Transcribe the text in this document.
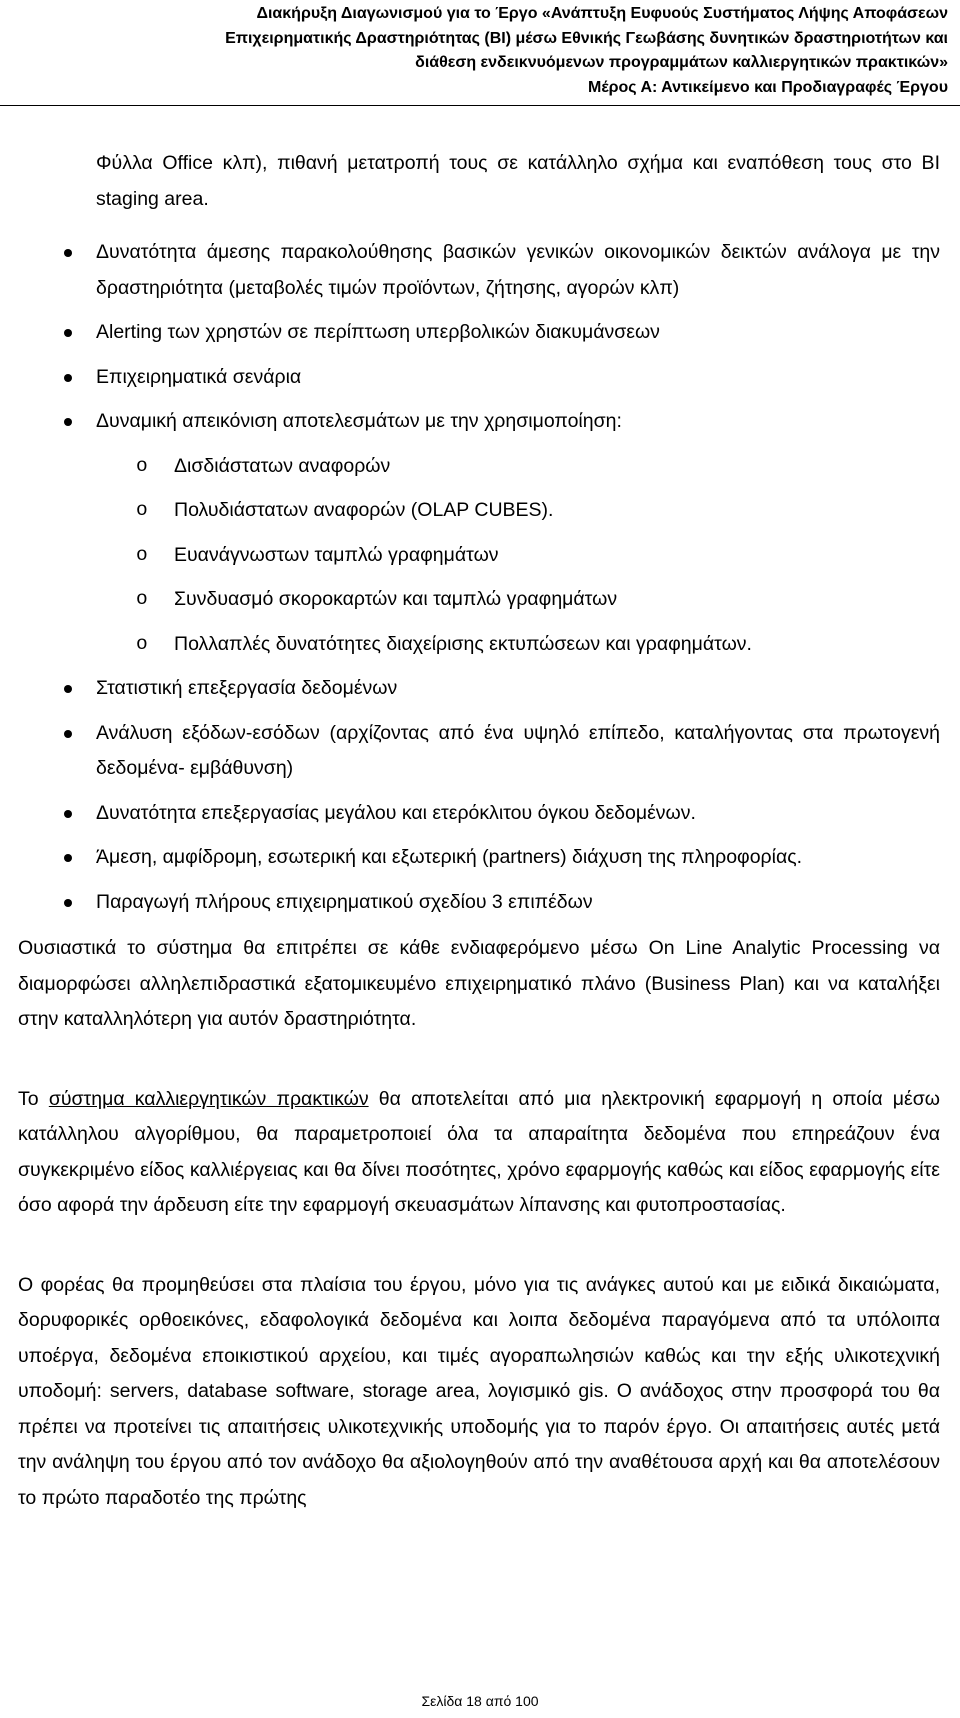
Διακήρυξη Διαγωνισμού για το Έργο «Ανάπτυξη Ευφυούς Συστήματος Λήψης Αποφάσεων
Επιχειρηματικής Δραστηριότητας (ΒΙ) μέσω Εθνικής Γεωβάσης δυνητικών δραστηριοτήτων και
διάθεση ενδεικνυόμενων προγραμμάτων καλλιεργητικών πρακτικών»
Μέρος Α: Αντικείμενο και Προδιαγραφές Έργου
Φύλλα Office κλπ), πιθανή μετατροπή τους σε κατάλληλο σχήμα και εναπόθεση τους στο BI staging area.
Δυνατότητα άμεσης παρακολούθησης βασικών γενικών οικονομικών δεικτών ανάλογα με την δραστηριότητα (μεταβολές τιμών προϊόντων, ζήτησης, αγορών κλπ)
Alerting των χρηστών σε περίπτωση υπερβολικών διακυμάνσεων
Επιχειρηματικά σενάρια
Δυναμική απεικόνιση αποτελεσμάτων με την χρησιμοποίηση:
o Δισδιάστατων αναφορών
o Πολυδιάστατων αναφορών (OLAP CUBES).
o Ευανάγνωστων ταμπλώ γραφημάτων
o Συνδυασμό σκοροκαρτών και ταμπλώ γραφημάτων
o Πολλαπλές δυνατότητες διαχείρισης εκτυπώσεων και γραφημάτων.
Στατιστική επεξεργασία δεδομένων
Ανάλυση εξόδων-εσόδων (αρχίζοντας από ένα υψηλό επίπεδο, καταλήγοντας στα πρωτογενή δεδομένα- εμβάθυνση)
Δυνατότητα επεξεργασίας μεγάλου και ετερόκλιτου όγκου δεδομένων.
Άμεση, αμφίδρομη, εσωτερική και εξωτερική (partners) διάχυση της πληροφορίας.
Παραγωγή πλήρους επιχειρηματικού σχεδίου 3 επιπέδων

Ουσιαστικά το σύστημα θα επιτρέπει σε κάθε ενδιαφερόμενο μέσω On Line Analytic Processing να διαμορφώσει αλληλεπιδραστικά εξατομικευμένο επιχειρηματικό πλάνο (Business Plan) και να καταλήξει στην καταλληλότερη για αυτόν δραστηριότητα.

Το σύστημα καλλιεργητικών πρακτικών θα αποτελείται από μια ηλεκτρονική εφαρμογή η οποία μέσω κατάλληλου αλγορίθμου, θα παραμετροποιεί όλα τα απαραίτητα δεδομένα που επηρεάζουν ένα συγκεκριμένο είδος καλλιέργειας και θα δίνει ποσότητες, χρόνο εφαρμογής καθώς και είδος εφαρμογής είτε όσο αφορά την άρδευση είτε την εφαρμογή σκευασμάτων λίπανσης και φυτοπροστασίας.

Ο φορέας θα προμηθεύσει στα πλαίσια του έργου, μόνο για τις ανάγκες αυτού και με ειδικά δικαιώματα, δορυφορικές ορθοεικόνες, εδαφολογικά δεδομένα και λοιπα δεδομένα παραγόμενα από τα υπόλοιπα υποέργα, δεδομένα εποικιστικού αρχείου, και τιμές αγοραπωλησιών καθώς και την εξής υλικοτεχνική υποδομή: servers, database software, storage area, λογισμικό gis. Ο ανάδοχος στην προσφορά του θα πρέπει να προτείνει τις απαιτήσεις υλικοτεχνικής υποδομής για το παρόν έργο. Οι απαιτήσεις αυτές μετά την ανάληψη του έργου από τον ανάδοχο θα αξιολογηθούν από την αναθέτουσα αρχή και θα αποτελέσουν το πρώτο παραδοτέο της πρώτης

Σελίδα 18 από 100
